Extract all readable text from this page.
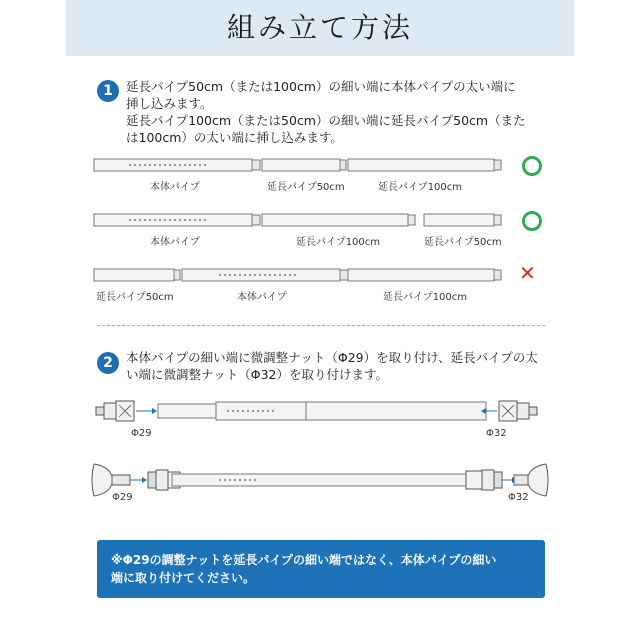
組み立て方法
1	延長パイプ50cm（または100cm）の細い端に本体パイプの太い端に
挿し込みます。
延長パイプ100cm（または50cm）の細い端に延長パイプ50cm（また
は100cm）の太い端に挿し込みます。
本体パイプ	延長パイプ50cm	延長パイプ100cm
本体パイプ	延長パイプ100cm	延長パイプ50cm
延長パイプ50cm	本体パイプ	延長パイプ100cm
✕
2	本体パイプの細い端に微調整ナット（Φ29）を取り付け、延長パイプの太
い端に微調整ナット（Φ32）を取り付けます。
Φ29	Φ32
Φ29	Φ32
※Φ29の調整ナットを延長パイプの細い端ではなく、本体パイプの細い
端に取り付けてください。
